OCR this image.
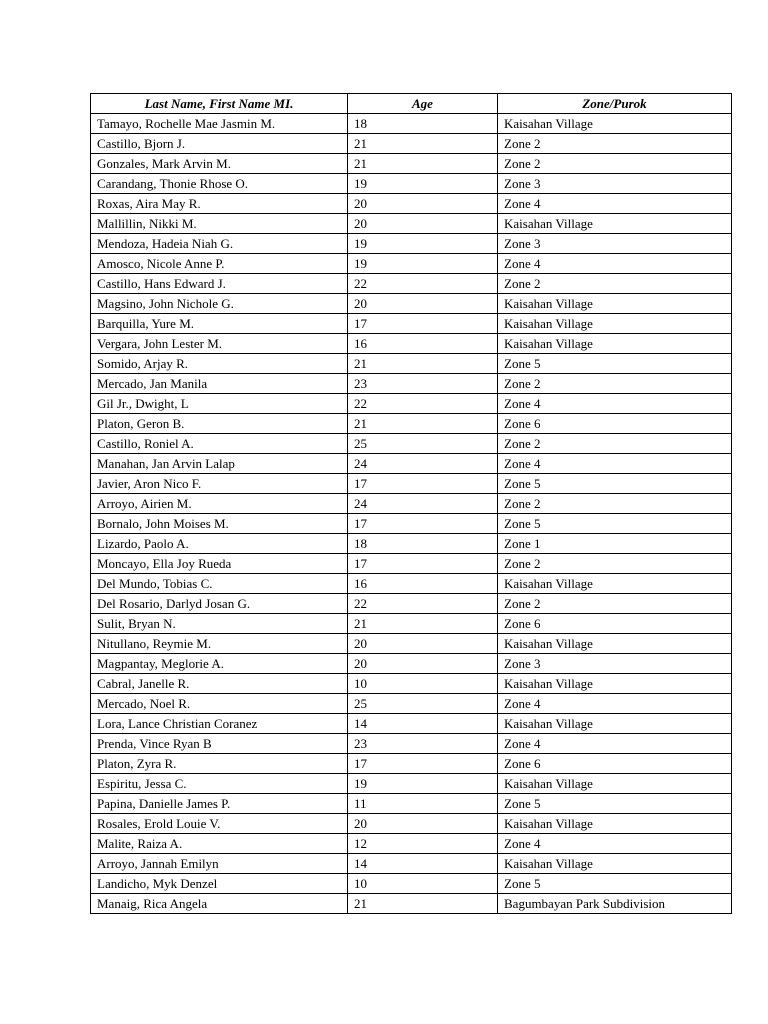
Last Name, First Name MI.	Age	Zone/Purok
Tamayo, Rochelle Mae Jasmin M.	18	Kaisahan Village
Castillo, Bjorn J.	21	Zone 2
Gonzales, Mark Arvin M.	21	Zone 2
Carandang, Thonie Rhose O.	19	Zone 3
Roxas, Aira May R.	20	Zone 4
Mallillin, Nikki M.	20	Kaisahan Village
Mendoza, Hadeia Niah G.	19	Zone 3
Amosco, Nicole Anne P.	19	Zone 4
Castillo, Hans Edward J.	22	Zone 2
Magsino, John Nichole G.	20	Kaisahan Village
Barquilla, Yure M.	17	Kaisahan Village
Vergara, John Lester M.	16	Kaisahan Village
Somido, Arjay R.	21	Zone 5
Mercado, Jan Manila	23	Zone 2
Gil Jr., Dwight, L	22	Zone 4
Platon, Geron B.	21	Zone 6
Castillo, Roniel A.	25	Zone 2
Manahan, Jan Arvin Lalap	24	Zone 4
Javier, Aron Nico F.	17	Zone 5
Arroyo, Airien M.	24	Zone 2
Bornalo, John Moises M.	17	Zone 5
Lizardo, Paolo A.	18	Zone 1
Moncayo, Ella Joy Rueda	17	Zone 2
Del Mundo, Tobias C.	16	Kaisahan Village
Del Rosario, Darlyd Josan G.	22	Zone 2
Sulit, Bryan N.	21	Zone 6
Nitullano, Reymie M.	20	Kaisahan Village
Magpantay, Meglorie A.	20	Zone 3
Cabral, Janelle R.	10	Kaisahan Village
Mercado, Noel R.	25	Zone 4
Lora, Lance Christian Coranez	14	Kaisahan Village
Prenda, Vince Ryan B	23	Zone 4
Platon, Zyra R.	17	Zone 6
Espiritu, Jessa C.	19	Kaisahan Village
Papina, Danielle James P.	11	Zone 5
Rosales, Erold Louie V.	20	Kaisahan Village
Malite, Raiza A.	12	Zone 4
Arroyo, Jannah Emilyn	14	Kaisahan Village
Landicho, Myk Denzel	10	Zone 5
Manaig, Rica Angela	21	Bagumbayan Park Subdivision
